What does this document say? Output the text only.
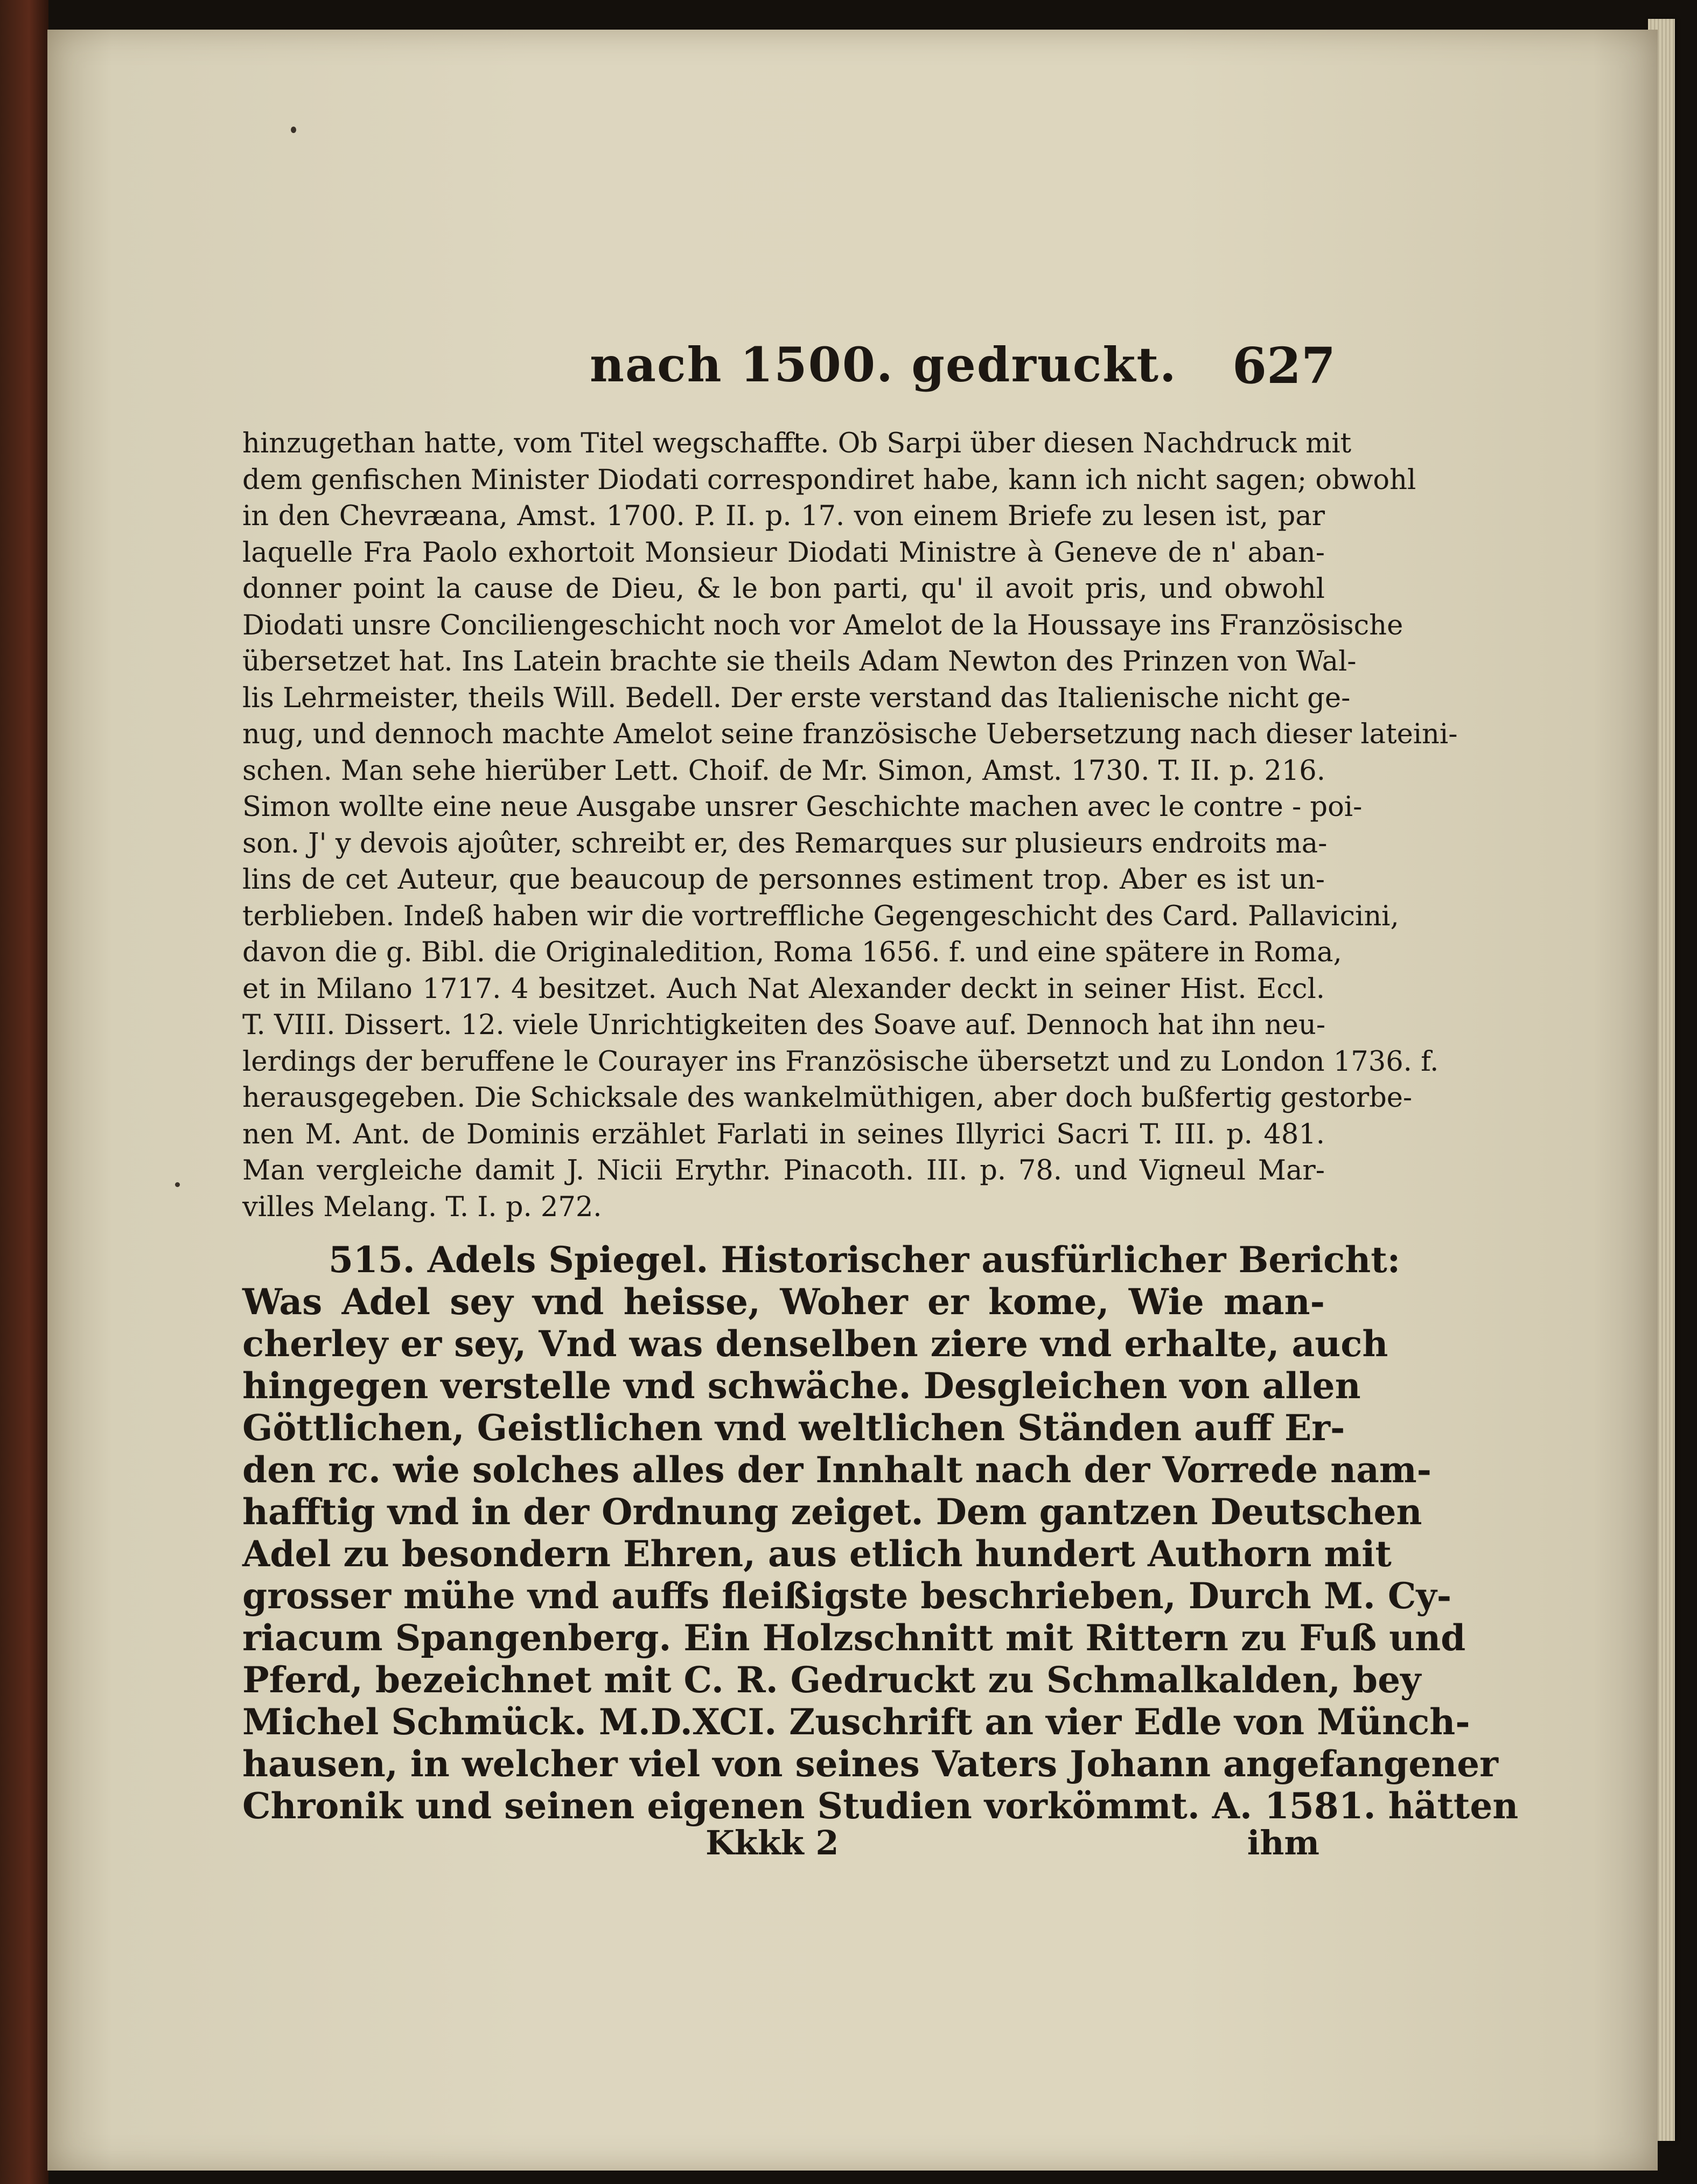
nach 1500. gedruckt. 627
hinzugethan hatte, vom Titel wegschaffte. Ob Sarpi über diesen Nachdruck mit
dem genfischen Minister Diodati correspondiret habe, kann ich nicht sagen; obwohl
in den Chevræana, Amst. 1700. P. II. p. 17. von einem Briefe zu lesen ist, par
laquelle Fra Paolo exhortoit Monsieur Diodati Ministre à Geneve de n' aban-
donner point la cause de Dieu, & le bon parti, qu' il avoit pris, und obwohl
Diodati unsre Conciliengeschicht noch vor Amelot de la Houssaye ins Französische
übersetzet hat. Ins Latein brachte sie theils Adam Newton des Prinzen von Wal-
lis Lehrmeister, theils Will. Bedell. Der erste verstand das Italienische nicht ge-
nug, und dennoch machte Amelot seine französische Uebersetzung nach dieser lateini-
schen. Man sehe hierüber Lett. Choif. de Mr. Simon, Amst. 1730. T. II. p. 216.
Simon wollte eine neue Ausgabe unsrer Geschichte machen avec le contre - poi-
son. J' y devois ajoûter, schreibt er, des Remarques sur plusieurs endroits ma-
lins de cet Auteur, que beaucoup de personnes estiment trop. Aber es ist un-
terblieben. Indeß haben wir die vortreffliche Gegengeschicht des Card. Pallavicini,
davon die g. Bibl. die Originaledition, Roma 1656. f. und eine spätere in Roma,
et in Milano 1717. 4 besitzet. Auch Nat Alexander deckt in seiner Hist. Eccl.
T. VIII. Dissert. 12. viele Unrichtigkeiten des Soave auf. Dennoch hat ihn neu-
lerdings der beruffene le Courayer ins Französische übersetzt und zu London 1736. f.
herausgegeben. Die Schicksale des wankelmüthigen, aber doch bußfertig gestorbe-
nen M. Ant. de Dominis erzählet Farlati in seines Illyrici Sacri T. III. p. 481.
Man vergleiche damit J. Nicii Erythr. Pinacoth. III. p. 78. und Vigneul Mar-
villes Melang. T. I. p. 272.
515. Adels Spiegel. Historischer ausfürlicher Bericht:
Was Adel sey vnd heisse, Woher er kome, Wie man-
cherley er sey, Vnd was denselben ziere vnd erhalte, auch
hingegen verstelle vnd schwäche. Desgleichen von allen
Göttlichen, Geistlichen vnd weltlichen Ständen auff Er-
den rc. wie solches alles der Innhalt nach der Vorrede nam-
hafftig vnd in der Ordnung zeiget. Dem gantzen Deutschen
Adel zu besondern Ehren, aus etlich hundert Authorn mit
grosser mühe vnd auffs fleißigste beschrieben, Durch M. Cy-
riacum Spangenberg. Ein Holzschnitt mit Rittern zu Fuß und
Pferd, bezeichnet mit C. R. Gedruckt zu Schmalkalden, bey
Michel Schmück. M.D.XCI. Zuschrift an vier Edle von Münch-
hausen, in welcher viel von seines Vaters Johann angefangener
Chronik und seinen eigenen Studien vorkömmt. A. 1581. hätten
Kkkk 2	ihm
